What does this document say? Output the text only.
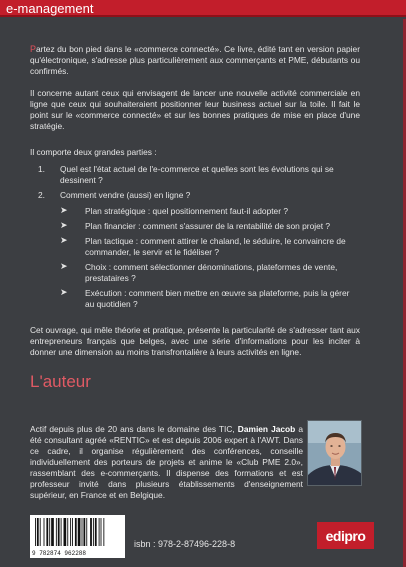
e-management

Partez du bon pied dans le «commerce connecté». Ce livre, édité tant en version papier qu'électronique, s'adresse plus particulièrement aux commerçants et PME, débutants ou confirmés.

Il concerne autant ceux qui envisagent de lancer une nouvelle activité commerciale en ligne que ceux qui souhaiteraient positionner leur business actuel sur la toile. Il fait le point sur le «commerce connecté» et sur les bonnes pratiques de mise en place d'une stratégie.

Il comporte deux grandes parties :

1. Quel est l'état actuel de l'e-commerce et quelles sont les évolutions qui se dessinent ?
2. Comment vendre (aussi) en ligne ?
➤ Plan stratégique : quel positionnement faut-il adopter ?
➤ Plan financier : comment s'assurer de la rentabilité de son projet ?
➤ Plan tactique : comment attirer le chaland, le séduire, le convaincre de commander, le servir et le fidéliser ?
➤ Choix : comment sélectionner dénominations, plateformes de vente, prestataires ?
➤ Exécution : comment bien mettre en œuvre sa plateforme, puis la gérer au quotidien ?

Cet ouvrage, qui mêle théorie et pratique, présente la particularité de s'adresser tant aux entrepreneurs français que belges, avec une série d'informations pour les inciter à donner une dimension au moins transfrontalière à leurs activités en ligne.

L'auteur
Actif depuis plus de 20 ans dans le domaine des TIC, Damien Jacob a été consultant agréé «RENTIC» et est depuis 2006 expert à l'AWT. Dans ce cadre, il organise régulièrement des conférences, conseille individuellement des porteurs de projets et anime le «Club PME 2.0», rassemblant des e-commerçants. Il dispense des formations et est professeur invité dans plusieurs établissements d'enseignement supérieur, en France et en Belgique.
9 782874 962288
isbn : 978-2-87496-228-8
edipro
